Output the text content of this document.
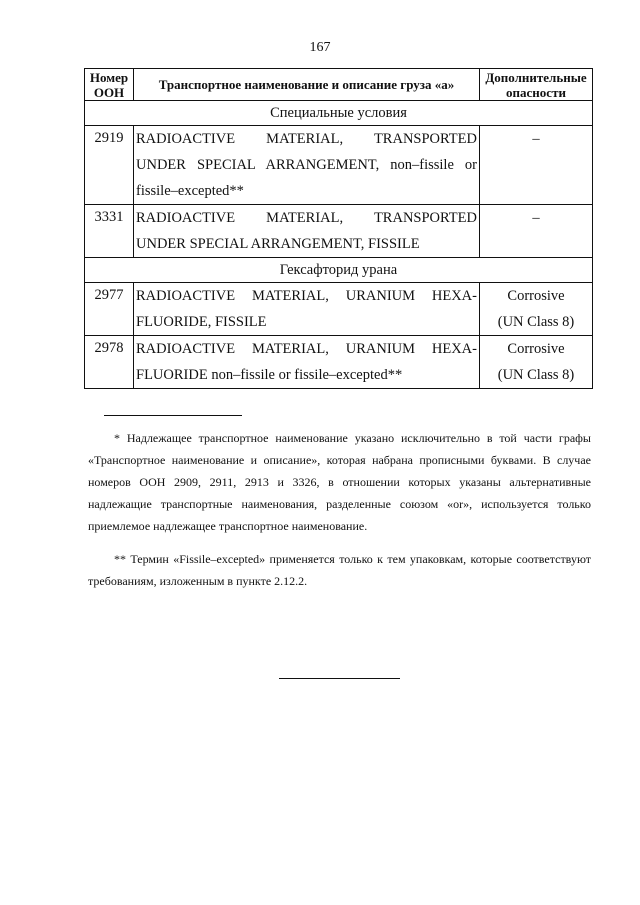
167
Номер ООН	Транспортное наименование и описание груза «a»	Дополнительные опасности
Специальные условия		
2919	RADIOACTIVE MATERIAL, TRANSPORTED
UNDER SPECIAL ARRANGEMENT, non–fissile or
fissile–excepted**	–
3331	RADIOACTIVE MATERIAL, TRANSPORTED
UNDER SPECIAL ARRANGEMENT, FISSILE	–
Гексафторид урана		
2977	RADIOACTIVE MATERIAL, URANIUM HEXA-
FLUORIDE, FISSILE	Corrosive
(UN Class 8)

2978	RADIOACTIVE MATERIAL, URANIUM HEXA-
FLUORIDE non–fissile or fissile–excepted**	Corrosive
(UN Class 8)

* Надлежащее транспортное наименование указано исключительно в той части графы «Транспортное наименование и описание», которая набрана прописными буквами. В случае номеров ООН 2909, 2911, 2913 и 3326, в отношении которых указаны альтернативные надлежащие транспортные наименования, разделенные союзом «or», используется только приемлемое надлежащее транспортное наименование.

** Термин «Fissile–excepted» применяется только к тем упаковкам, которые соответствуют требованиям, изложенным в пункте 2.12.2.
